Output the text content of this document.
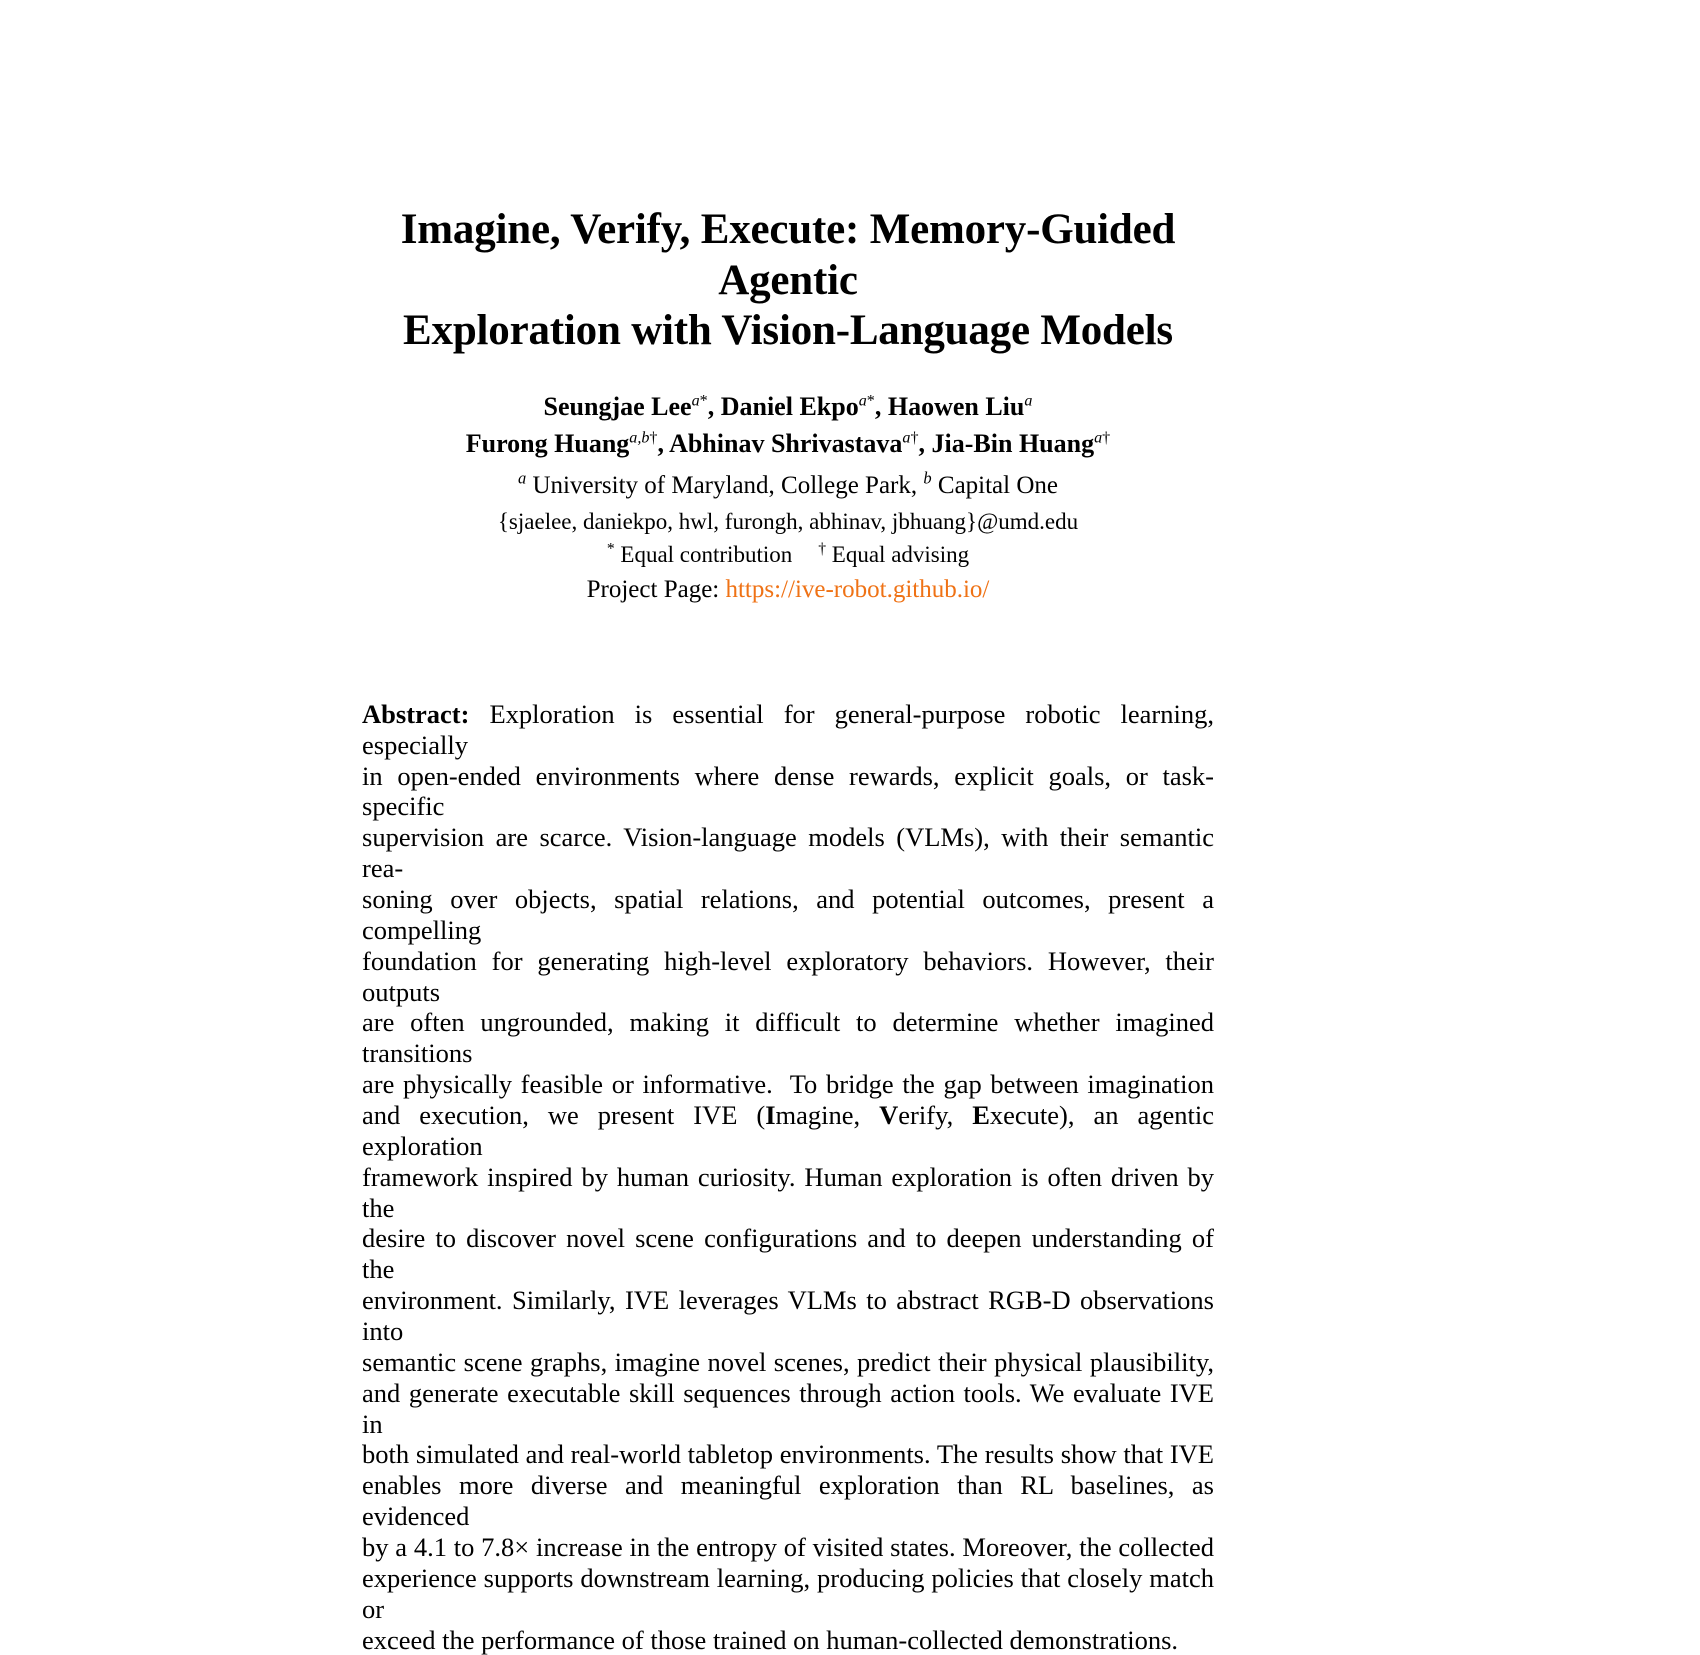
Imagine, Verify, Execute: Memory-Guided Agentic
Exploration with Vision-Language Models
Seungjae Lee$^{a*}$, Daniel Ekpo$^{a*}$, Haowen Liu$^a$
Furong Huang$^{a,b\dagger}$, Abhinav Shrivastava$^{a\dagger}$, Jia-Bin Huang$^{a\dagger}$
$^a$ University of Maryland, College Park, $^b$ Capital One
{sjaelee, daniekpo, hwl, furongh, abhinav, jbhuang}@umd.edu
* Equal contribution † Equal advising
Project Page: https://ive-robot.github.io/

Abstract: Exploration is essential for general-purpose robotic learning, especially
in open-ended environments where dense rewards, explicit goals, or task-specific
supervision are scarce. Vision-language models (VLMs), with their semantic rea-
soning over objects, spatial relations, and potential outcomes, present a compelling
foundation for generating high-level exploratory behaviors. However, their outputs
are often ungrounded, making it difficult to determine whether imagined transitions
are physically feasible or informative.  To bridge the gap between imagination
and execution, we present IVE (Imagine, Verify, Execute), an agentic exploration
framework inspired by human curiosity. Human exploration is often driven by the
desire to discover novel scene configurations and to deepen understanding of the
environment. Similarly, IVE leverages VLMs to abstract RGB-D observations into
semantic scene graphs, imagine novel scenes, predict their physical plausibility,
and generate executable skill sequences through action tools. We evaluate IVE in
both simulated and real-world tabletop environments. The results show that IVE
enables more diverse and meaningful exploration than RL baselines, as evidenced
by a 4.1 to 7.8× increase in the entropy of visited states. Moreover, the collected
experience supports downstream learning, producing policies that closely match or
exceed the performance of those trained on human-collected demonstrations.
